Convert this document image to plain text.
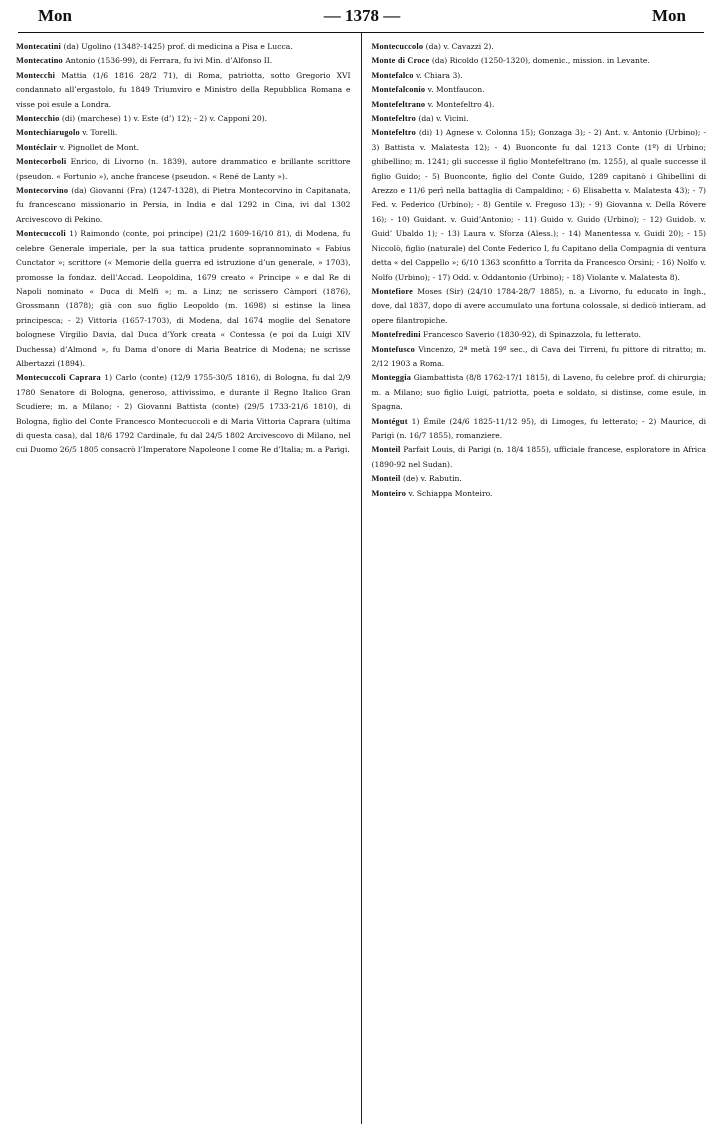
Mon	— 1378 —	Mon
Montecatini (da) Ugolino (1348?-1425) prof. di medicina a Pisa e Lucca.
Montecatino Antonio (1536-99), di Ferrara, fu ivi Min. d’Alfonso II.
Montecchi Mattia (1/6 1816 28/2 71), di Roma, patriotta, sotto Gregorio XVI condannato all’ergastolo, fu 1849 Triumviro e Ministro della Repubblica Romana e visse poi esule a Londra.
Montecchio (di) (marchese) 1) v. Este (d’) 12); - 2) v. Capponi 20).
Montechiarugolo v. Torelli.
Montéclair v. Pignollet de Mont.
Montecorboli Enrico, di Livorno (n. 1839), autore drammatico e brillante scrittore (pseudon. « Fortunio »), anche francese (pseudon. « René de Lanty »).
Montecorvino (da) Giovanni (Fra) (1247-1328), di Pietra Montecorvino in Capitanata, fu francescano missionario in Persia, in India e dal 1292 in Cina, ivi dal 1302 Arcivescovo di Pekino.
Montecuccoli 1) Raimondo (conte, poi principe) (21/2 1609-16/10 81), di Modena, fu celebre Generale imperiale, per la sua tattica prudente soprannominato « Fabius Cunctator »; scrittore (« Memorie della guerra ed istruzione d’un generale, » 1703), promosse la fondaz. dell’Accad. Leopoldina, 1679 creato « Principe » e dal Re di Napoli nominato « Duca di Melfi »; m. a Linz; ne scrissero Càmpori (1876), Grossmann (1878); già con suo figlio Leopoldo (m. 1698) si estinse la linea principesca; - 2) Vittoria (1657-1703), di Modena, dal 1674 moglie del Senatore bolognese Virgilio Davia, dal Duca d’York creata « Contessa (e poi da Luigi XIV Duchessa) d’Almond », fu Dama d’onore di Maria Beatrice di Modena; ne scrisse Albertazzi (1894).
Montecuccoli Caprara 1) Carlo (conte) (12/9 1755-30/5 1816), di Bologna, fu dal 2/9 1780 Senatore di Bologna, generoso, attivissimo, e durante il Regno Italico Gran Scudiere; m. a Milano; - 2) Giovanni Battista (conte) (29/5 1733-21/6 1810), di Bologna, figlio del Conte Francesco Montecuccoli e di Maria Vittoria Caprara (ultima di questa casa), dal 18/6 1792 Cardinale, fu dal 24/5 1802 Arcivescovo di Milano, nel cui Duomo 26/5 1805 consacrò l’Imperatore Napoleone I come Re d’Italia; m. a Parigi.
Montecuccolo (da) v. Cavazzi 2).
Monte di Croce (da) Ricoldo (1250-1320), domenic., mission. in Levante.
Montefalco v. Chiara 3).
Montefalconio v. Montfaucon.
Montefeltrano v. Montefeltro 4).
Montefeltro (da) v. Vicini.
Montefeltro (di) 1) Agnese v. Colonna 15); Gonzaga 3); - 2) Ant. v. Antonio (Urbino); - 3) Battista v. Malatesta 12); - 4) Buonconte fu dal 1213 Conte (1º) di Urbino; ghibellino; m. 1241; gli successe il figlio Montefeltrano (m. 1255), al quale successe il figlio Guido; - 5) Buonconte, figlio del Conte Guido, 1289 capitanò i Ghibellini di Arezzo e 11/6 perì nella battaglia di Campaldino; - 6) Elisabetta v. Malatesta 43); - 7) Fed. v. Federico (Urbino); - 8) Gentile v. Fregoso 13); - 9) Giovanna v. Della Róvere 16); - 10) Guidant. v. Guid’Antonio; - 11) Guido v. Guido (Urbino); - 12) Guidob. v. Guid’ Ubaldo 1); - 13) Laura v. Sforza (Aless.); - 14) Manentessa v. Guidi 20); - 15) Niccolò, figlio (naturale) del Conte Federico I, fu Capitano della Compagnia di ventura detta « del Cappello »; 6/10 1363 sconfitto a Torrita da Francesco Orsini; - 16) Nolfo v. Nolfo (Urbino); - 17) Odd. v. Oddantonio (Urbino); - 18) Violante v. Malatesta 8).
Montefiore Moses (Sir) (24/10 1784-28/7 1885), n. a Livorno, fu educato in Ingh., dove, dal 1837, dopo di avere accumulato una fortuna colossale, si dedicò intieram. ad opere filantropiche.
Montefredini Francesco Saverio (1830-92), di Spinazzola, fu letterato.
Montefusco Vincenzo, 2ª metà 19º sec., di Cava dei Tirreni, fu pittore di ritratto; m. 2/12 1903 a Roma.
Monteggia Giambattista (8/8 1762-17/1 1815), di Laveno, fu celebre prof. di chirurgia; m. a Milano; suo figlio Luigi, patriotta, poeta e soldato, si distinse, come esule, in Spagna.
Montégut 1) Émile (24/6 1825-11/12 95), di Limoges, fu letterato; - 2) Maurice, di Parigi (n. 16/7 1855), romanziere.
Monteil Parfait Louis, di Parigi (n. 18/4 1855), ufficiale francese, esploratore in Africa (1890-92 nel Sudan).
Monteil (de) v. Rabutin.
Monteiro v. Schiappa Monteiro.
